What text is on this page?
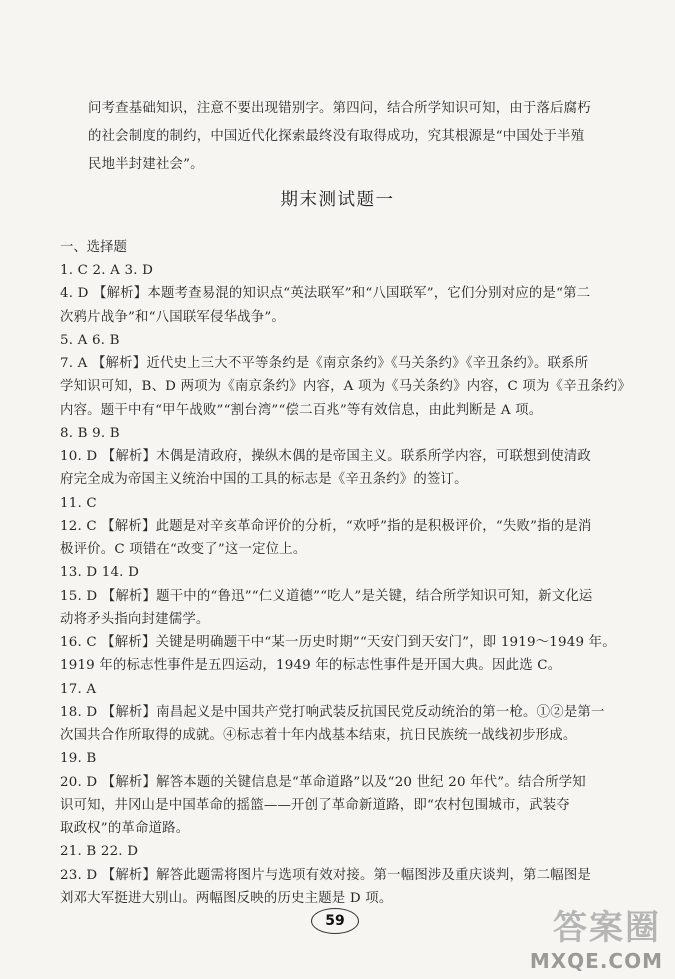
问考查基础知识，注意不要出现错别字。第四问，结合所学知识可知，由于落后腐朽
的社会制度的制约，中国近代化探索最终没有取得成功，究其根源是“中国处于半殖
民地半封建社会”。
期末测试题一
一、选择题
1. C 2. A 3. D
4. D 【解析】本题考查易混的知识点“英法联军”和“八国联军”，它们分别对应的是“第二
次鸦片战争”和“八国联军侵华战争”。
5. A 6. B
7. A 【解析】近代史上三大不平等条约是《南京条约》《马关条约》《辛丑条约》。联系所
学知识可知，B、D 两项为《南京条约》内容，A 项为《马关条约》内容，C 项为《辛丑条约》
内容。题干中有“甲午战败”“割台湾”“偿二百兆”等有效信息，由此判断是 A 项。
8. B 9. B
10. D 【解析】木偶是清政府，操纵木偶的是帝国主义。联系所学内容，可联想到使清政
府完全成为帝国主义统治中国的工具的标志是《辛丑条约》的签订。
11. C
12. C 【解析】此题是对辛亥革命评价的分析，“欢呼”指的是积极评价，“失败”指的是消
极评价。C 项错在“改变了”这一定位上。
13. D 14. D
15. D 【解析】题干中的“鲁迅”“仁义道德”“吃人”是关键，结合所学知识可知，新文化运
动将矛头指向封建儒学。
16. C 【解析】关键是明确题干中“某一历史时期”“天安门到天安门”，即 1919～1949 年。
1919 年的标志性事件是五四运动，1949 年的标志性事件是开国大典。因此选 C。
17. A
18. D 【解析】南昌起义是中国共产党打响武装反抗国民党反动统治的第一枪。①②是第一
次国共合作所取得的成就。④标志着十年内战基本结束，抗日民族统一战线初步形成。
19. B
20. D 【解析】解答本题的关键信息是“革命道路”以及“20 世纪 20 年代”。结合所学知
识可知，井冈山是中国革命的摇篮——开创了革命新道路，即“农村包围城市，武装夺
取政权”的革命道路。
21. B 22. D
23. D 【解析】解答此题需将图片与选项有效对接。第一幅图涉及重庆谈判，第二幅图是
刘邓大军挺进大别山。两幅图反映的历史主题是 D 项。
59	答案圈
MXQE.COM
